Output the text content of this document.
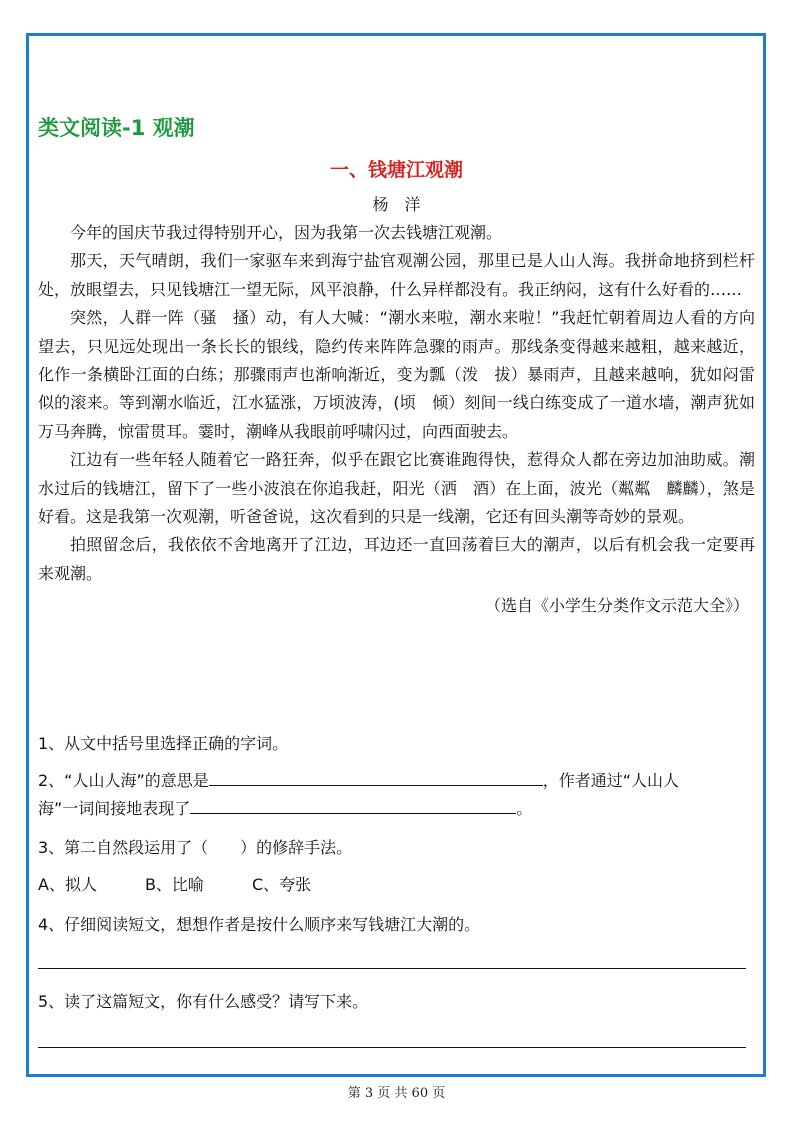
类文阅读-1 观潮
一、钱塘江观潮
杨　洋

今年的国庆节我过得特别开心，因为我第一次去钱塘江观潮。

那天，天气晴朗，我们一家驱车来到海宁盐官观潮公园，那里已是人山人海。我拼命地挤到栏杆处，放眼望去，只见钱塘江一望无际，风平浪静，什么异样都没有。我正纳闷，这有什么好看的……

突然，人群一阵（骚　搔）动，有人大喊：“潮水来啦，潮水来啦！”我赶忙朝着周边人看的方向望去，只见远处现出一条长长的银线，隐约传来阵阵急骤的雨声。那线条变得越来越粗，越来越近，化作一条横卧江面的白练；那骤雨声也渐响渐近，变为瓢（泼　拔）暴雨声，且越来越响，犹如闷雷似的滚来。等到潮水临近，江水猛涨，万顷波涛，(顷　倾）刻间一线白练变成了一道水墙，潮声犹如万马奔腾，惊雷贯耳。霎时，潮峰从我眼前呼啸闪过，向西面驶去。

江边有一些年轻人随着它一路狂奔，似乎在跟它比赛谁跑得快，惹得众人都在旁边加油助威。潮水过后的钱塘江，留下了一些小波浪在你追我赶，阳光（洒　酒）在上面，波光（粼粼　麟麟），煞是好看。这是我第一次观潮，听爸爸说，这次看到的只是一线潮，它还有回头潮等奇妙的景观。

拍照留念后，我依依不舍地离开了江边，耳边还一直回荡着巨大的潮声，以后有机会我一定要再来观潮。

（选自《小学生分类作文示范大全》）
1、从文中括号里选择正确的字词。
2、“人山人海”的意思是	，作者通过“人山人
海”一词间接地表现了	。
3、第二自然段运用了（　　）的修辞手法。
A、拟人	B、比喻	C、夸张
4、仔细阅读短文，想想作者是按什么顺序来写钱塘江大潮的。
5、读了这篇短文，你有什么感受？请写下来。
第 3 页 共 60 页
